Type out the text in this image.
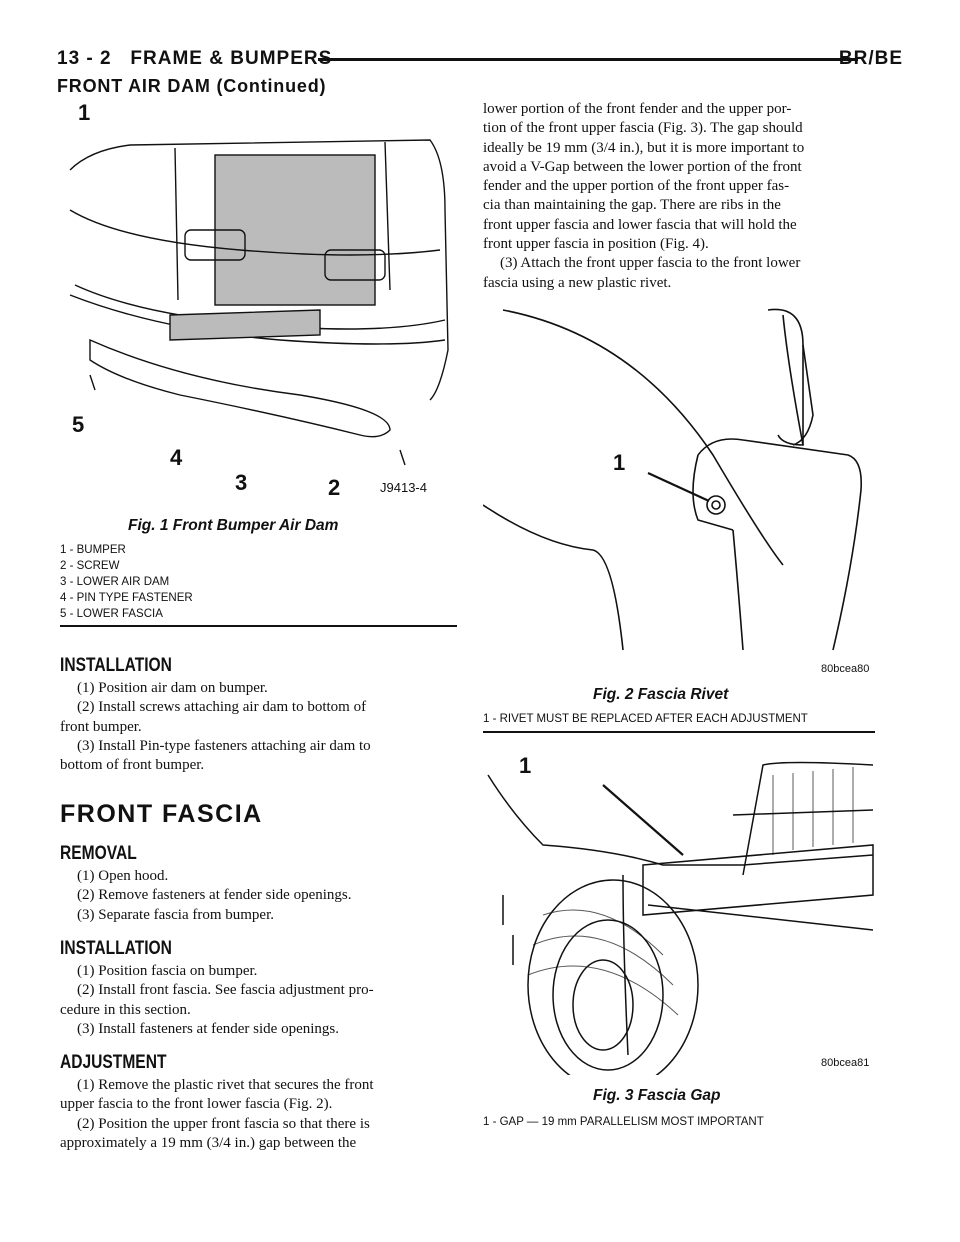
13 - 2   FRAME & BUMPERS	BR/BE
FRONT AIR DAM (Continued)
1
5
4
3	2	J9413-4
Fig. 1 Front Bumper Air Dam
1 - BUMPER
2 - SCREW
3 - LOWER AIR DAM
4 - PIN TYPE FASTENER
5 - LOWER FASCIA
INSTALLATION
(1) Position air dam on bumper.
(2) Install screws attaching air dam to bottom of
front bumper.
(3) Install Pin-type fasteners attaching air dam to
bottom of front bumper.
FRONT FASCIA
REMOVAL
(1) Open hood.
(2) Remove fasteners at fender side openings.
(3) Separate fascia from bumper.
INSTALLATION
(1) Position fascia on bumper.
(2) Install front fascia. See fascia adjustment pro-
cedure in this section.
(3) Install fasteners at fender side openings.
ADJUSTMENT
(1) Remove the plastic rivet that secures the front
upper fascia to the front lower fascia (Fig. 2).
(2) Position the upper front fascia so that there is
approximately a 19 mm (3/4 in.) gap between the
lower portion of the front fender and the upper por-
tion of the front upper fascia (Fig. 3). The gap should
ideally be 19 mm (3/4 in.), but it is more important to
avoid a V-Gap between the lower portion of the front
fender and the upper portion of the front upper fas-
cia than maintaining the gap. There are ribs in the
front upper fascia and lower fascia that will hold the
front upper fascia in position (Fig. 4).
(3) Attach the front upper fascia to the front lower
fascia using a new plastic rivet.
1
80bcea80
Fig. 2 Fascia Rivet
1 - RIVET MUST BE REPLACED AFTER EACH ADJUSTMENT
1
80bcea81
Fig. 3 Fascia Gap
1 - GAP — 19 mm PARALLELISM MOST IMPORTANT
